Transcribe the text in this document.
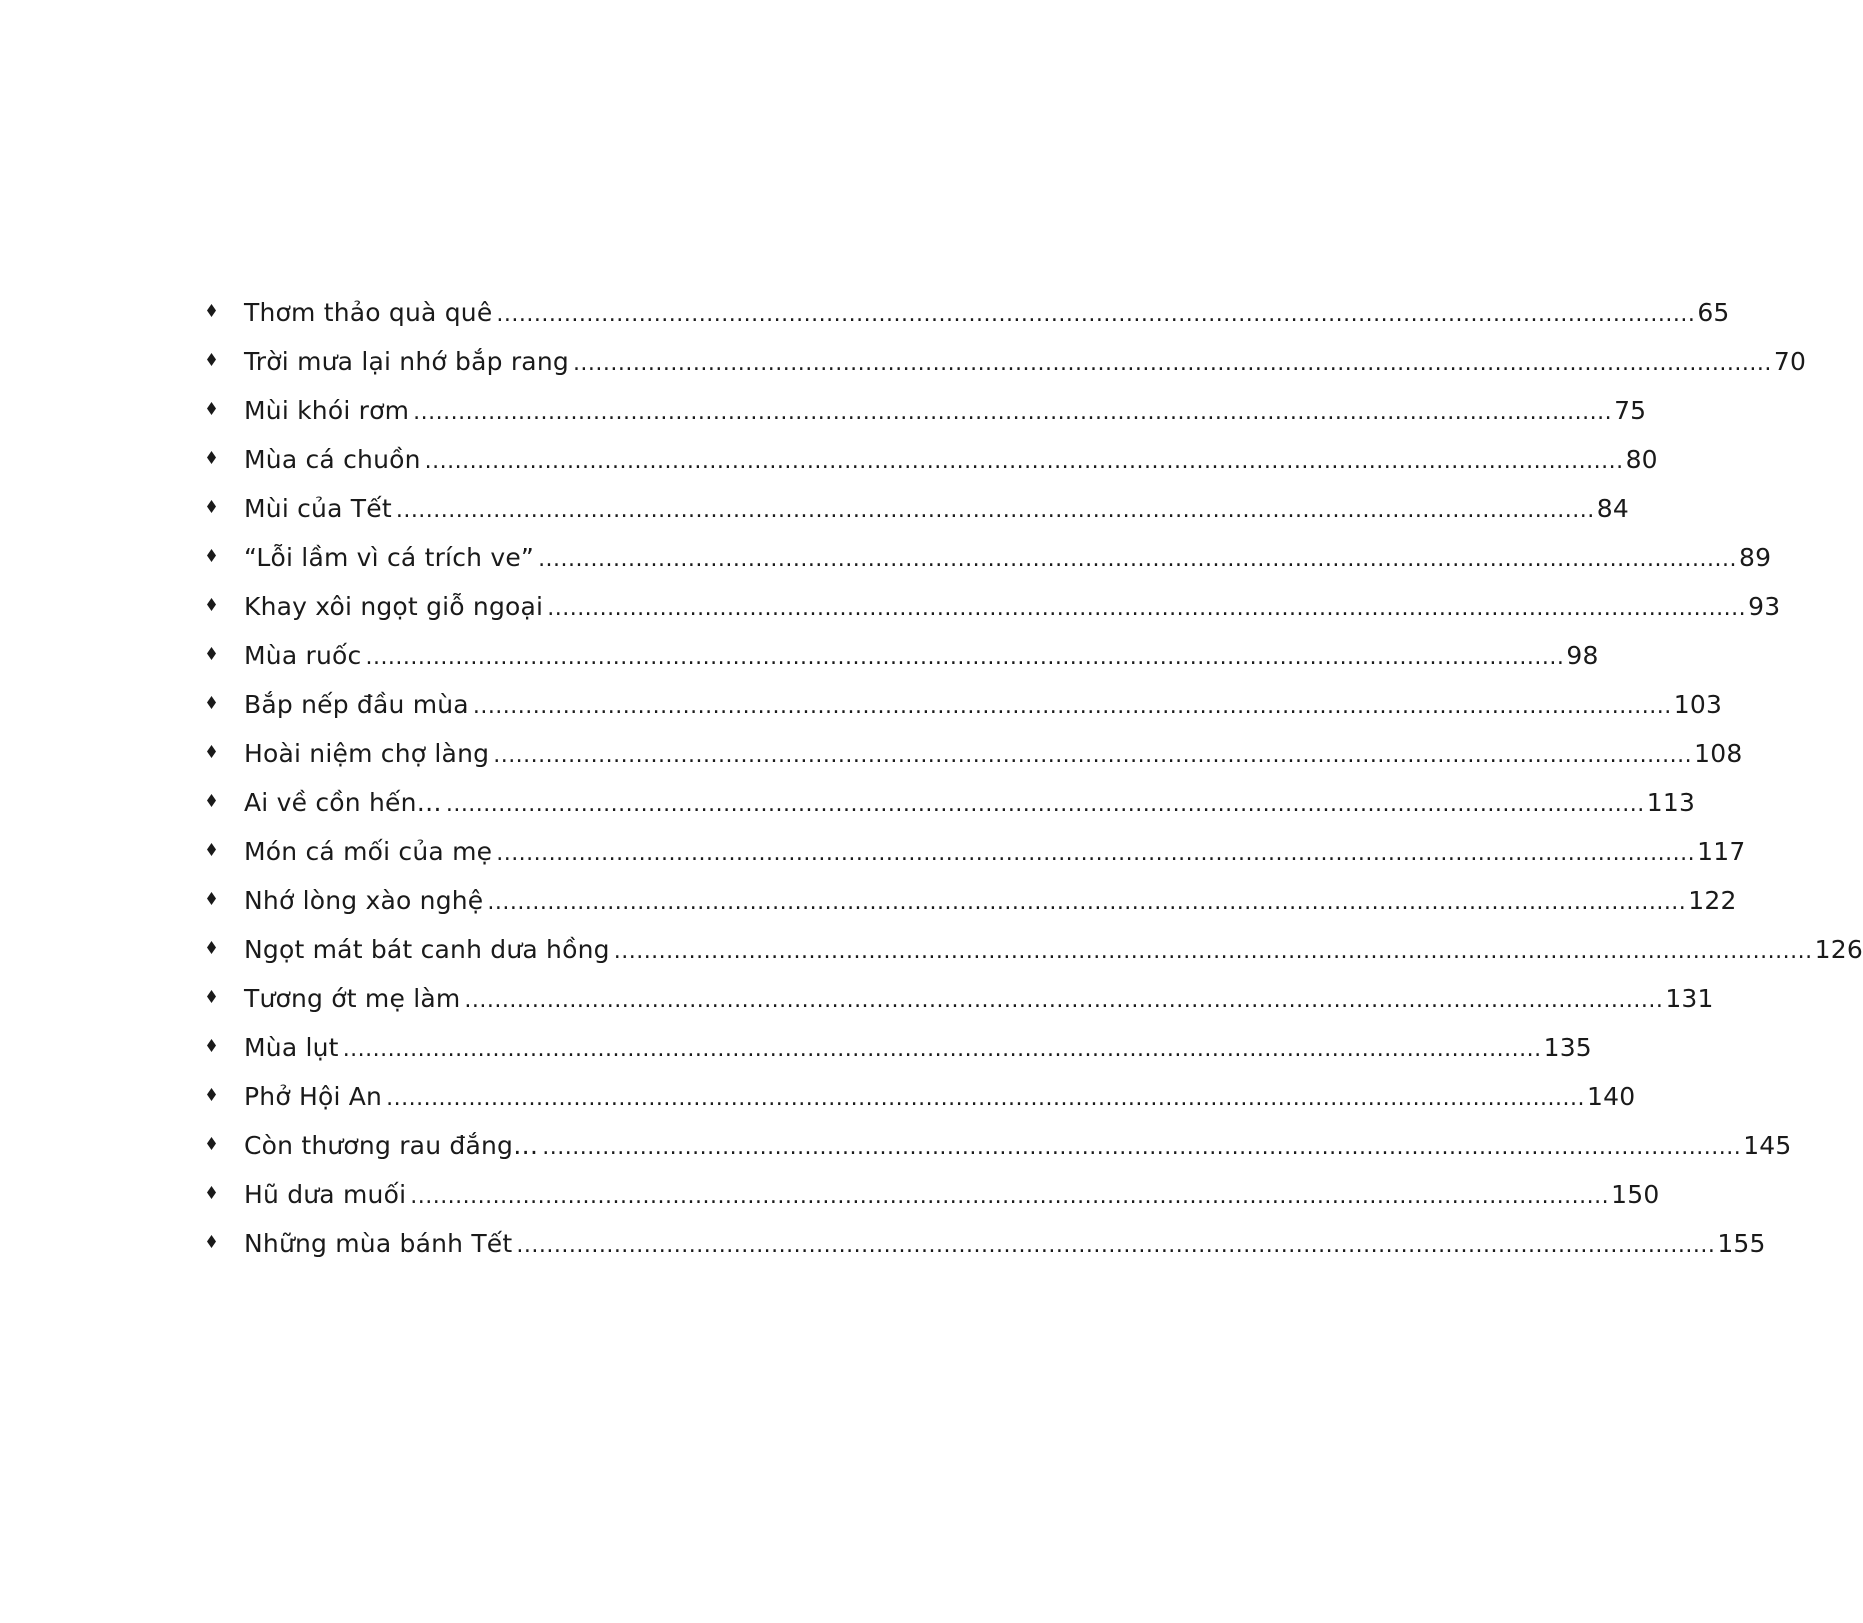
Thơm thảo quà quê ................................................................................................................................................................ 65
Trời mưa lại nhớ bắp rang ................................................................................................................................................................ 70
Mùi khói rơm ................................................................................................................................................................ 75
Mùa cá chuồn ................................................................................................................................................................ 80
Mùi của Tết ................................................................................................................................................................ 84
“Lỗi lầm vì cá trích ve” ................................................................................................................................................................ 89
Khay xôi ngọt giỗ ngoại ................................................................................................................................................................ 93
Mùa ruốc ................................................................................................................................................................ 98
Bắp nếp đầu mùa ................................................................................................................................................................ 103
Hoài niệm chợ làng ................................................................................................................................................................ 108
Ai về cồn hến… ................................................................................................................................................................ 113
Món cá mối của mẹ ................................................................................................................................................................ 117
Nhớ lòng xào nghệ ................................................................................................................................................................ 122
Ngọt mát bát canh dưa hồng ................................................................................................................................................................ 126
Tương ớt mẹ làm ................................................................................................................................................................ 131
Mùa lụt ................................................................................................................................................................ 135
Phở Hội An ................................................................................................................................................................ 140
Còn thương rau đắng… ................................................................................................................................................................ 145
Hũ dưa muối ................................................................................................................................................................ 150
Những mùa bánh Tết ................................................................................................................................................................ 155
